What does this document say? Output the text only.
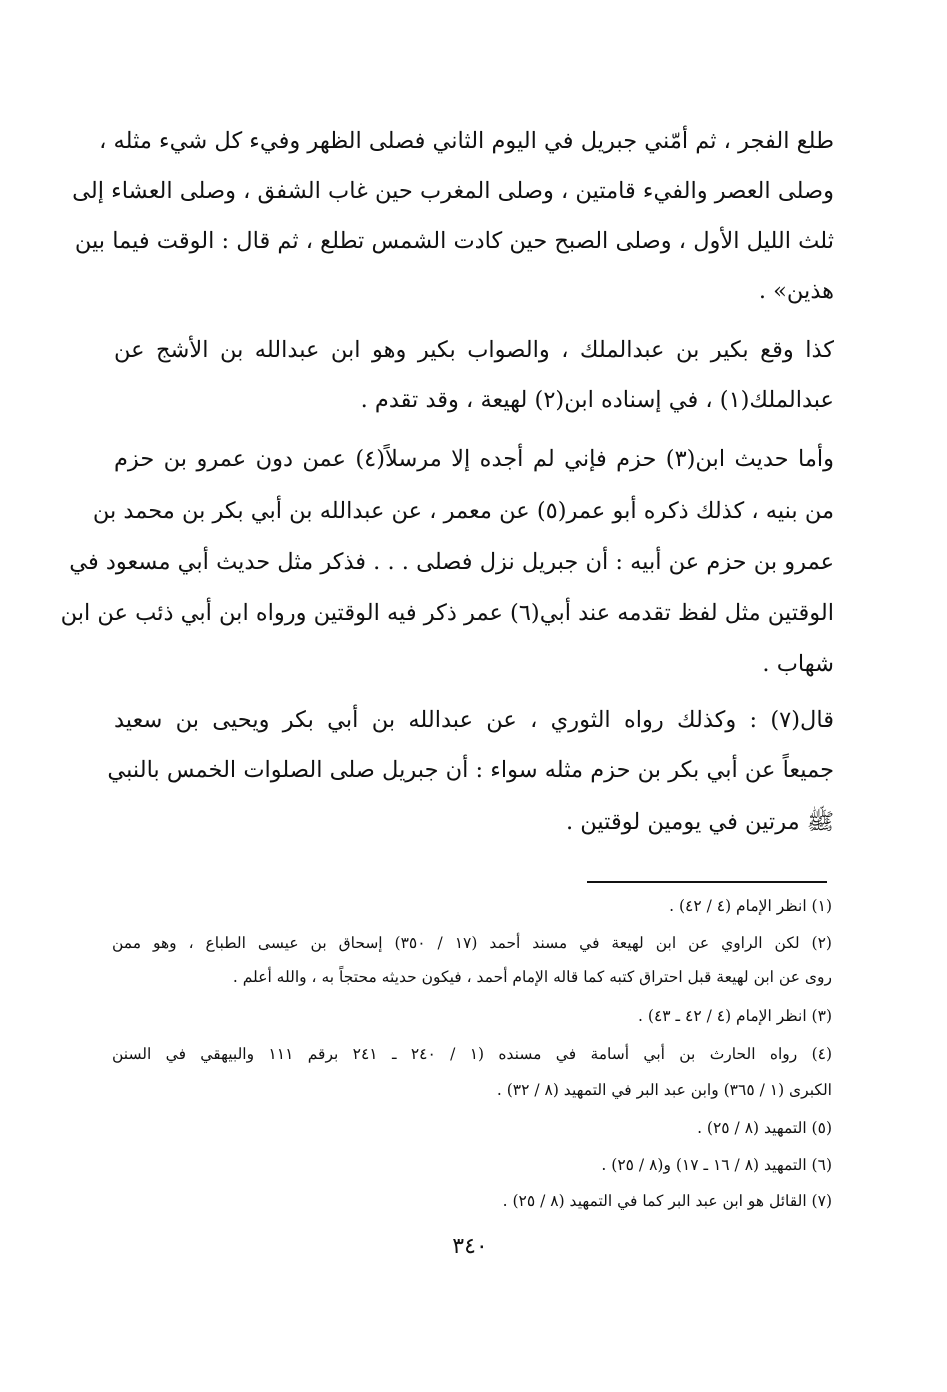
طلع الفجر ، ثم أمّني جبريل في اليوم الثاني فصلى الظهر وفيء كل شيء مثله ،
وصلى العصر والفيء قامتين ، وصلى المغرب حين غاب الشفق ، وصلى العشاء إلى
ثلث الليل الأول ، وصلى الصبح حين كادت الشمس تطلع ، ثم قال : الوقت فيما بين
هذين» .
كذا وقع بكير بن عبدالملك ، والصواب بكير وهو ابن عبدالله بن الأشج عن
عبدالملك(١) ، في إسناده ابن(٢) لهيعة ، وقد تقدم .
وأما حديث ابن(٣) حزم فإني لم أجده إلا مرسلاً(٤) عمن دون عمرو بن حزم
من بنيه ، كذلك ذكره أبو عمر(٥) عن معمر ، عن عبدالله بن أبي بكر بن محمد بن
عمرو بن حزم عن أبيه : أن جبريل نزل فصلى . . . فذكر مثل حديث أبي مسعود في
الوقتين مثل لفظ تقدمه عند أبي(٦) عمر ذكر فيه الوقتين ورواه ابن أبي ذئب عن ابن
شهاب .
قال(٧) : وكذلك رواه الثوري ، عن عبدالله بن أبي بكر ويحيى بن سعيد
جميعاً عن أبي بكر بن حزم مثله سواء : أن جبريل صلى الصلوات الخمس بالنبي
ﷺ مرتين في يومين لوقتين .
(١) انظر الإمام (٤ / ٤٢) .
(٢) لكن الراوي عن ابن لهيعة في مسند أحمد (١٧ / ٣٥٠) إسحاق بن عيسى الطباع ، وهو ممن
روى عن ابن لهيعة قبل احتراق كتبه كما قاله الإمام أحمد ، فيكون حديثه محتجاً به ، والله أعلم .
(٣) انظر الإمام (٤ / ٤٢ ـ ٤٣) .
(٤) رواه الحارث بن أبي أسامة في مسنده (١ / ٢٤٠ ـ ٢٤١ برقم ١١١ والبيهقي في السنن
الكبرى (١ / ٣٦٥) وابن عبد البر في التمهيد (٨ / ٣٢) .
(٥) التمهيد (٨ / ٢٥) .
(٦) التمهيد (٨ / ١٦ ـ ١٧) و(٨ / ٢٥) .
(٧) القائل هو ابن عبد البر كما في التمهيد (٨ / ٢٥) .
٣٤٠
